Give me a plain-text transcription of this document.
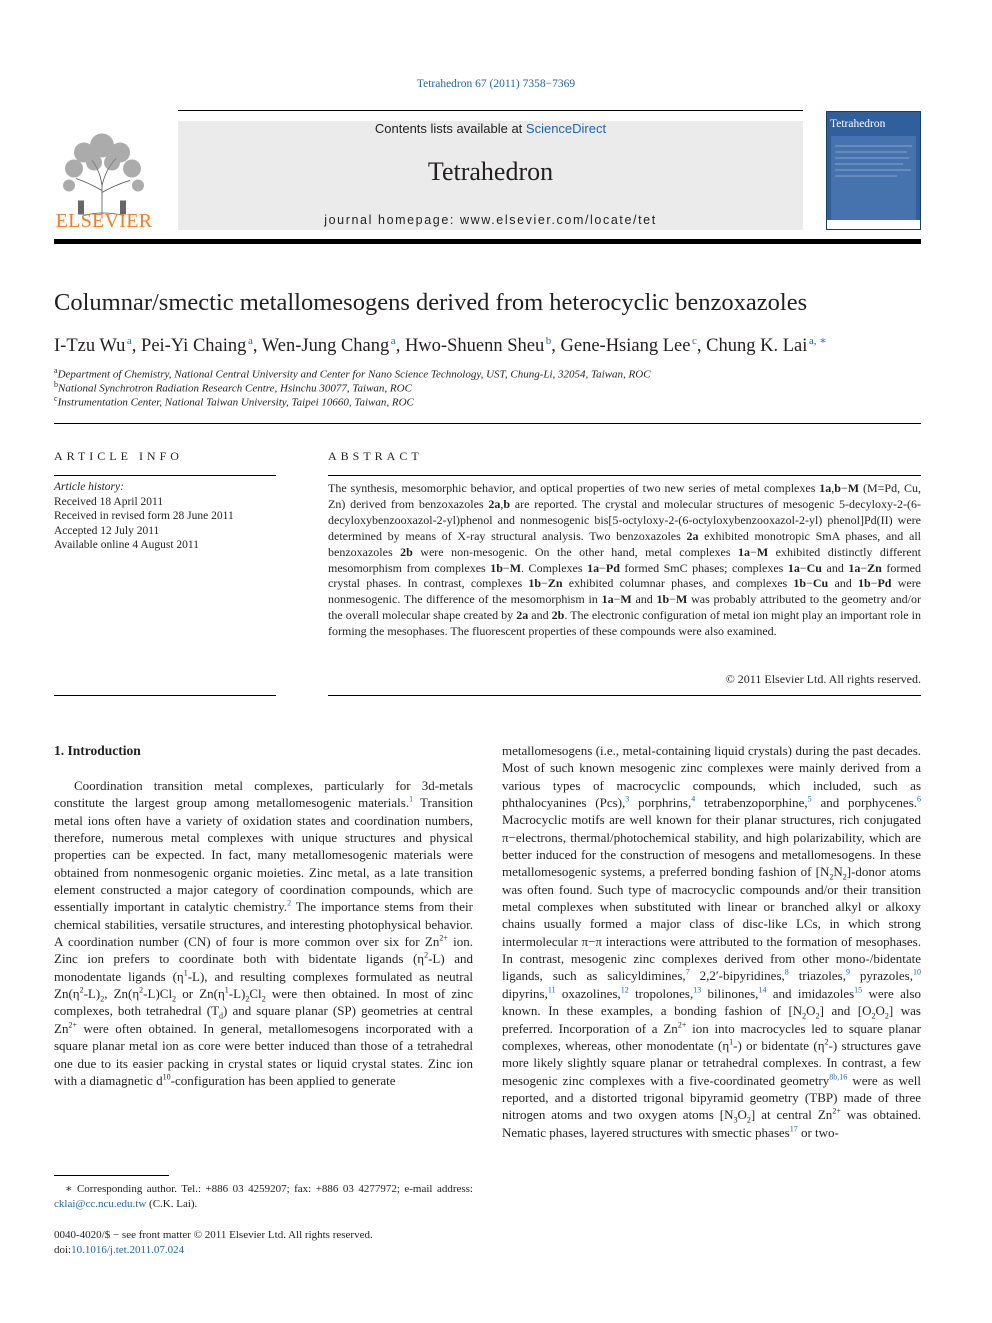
Tetrahedron 67 (2011) 7358−7369
ELSEVIER
Contents lists available at ScienceDirect
Tetrahedron
journal homepage: www.elsevier.com/locate/tet
Tetrahedron
Columnar/smectic metallomesogens derived from heterocyclic benzoxazoles
I-Tzu Wu  $^a$, Pei-Yi Chaing  $^a$, Wen-Jung Chang  $^a$, Hwo-Shuenn Sheu  $^b$, Gene-Hsiang Lee  $^c$, Chung K. Lai  $^{a, ∗}$
$^a$Department of Chemistry, National Central University and Center for Nano Science Technology, UST, Chung-Li, 32054, Taiwan, ROC
$^b$National Synchrotron Radiation Research Centre, Hsinchu 30077, Taiwan, ROC
$^c$Instrumentation Center, National Taiwan University, Taipei 10660, Taiwan, ROC
ARTICLE INFO
Article history:
Received 18 April 2011
Received in revised form 28 June 2011
Accepted 12 July 2011
Available online 4 August 2011
ABSTRACT
The synthesis, mesomorphic behavior, and optical properties of two new series of metal complexes 1a,b−M (M=Pd, Cu, Zn) derived from benzoxazoles 2a,b are reported. The crystal and molecular structures of mesogenic 5-decyloxy-2-(6-decyloxybenzooxazol-2-yl)phenol and nonmesogenic bis[5-octyloxy-2-(6-octyloxybenzooxazol-2-yl) phenol]Pd(II) were determined by means of X-ray structural analysis. Two benzoxazoles 2a exhibited monotropic SmA phases, and all benzoxazoles 2b were non-mesogenic. On the other hand, metal complexes 1a−M exhibited distinctly different mesomorphism from complexes 1b−M. Complexes 1a−Pd formed SmC phases; complexes 1a−Cu and 1a−Zn formed crystal phases. In contrast, complexes 1b−Zn exhibited columnar phases, and complexes 1b−Cu and 1b−Pd were nonmesogenic. The difference of the mesomorphism in 1a−M and 1b−M was probably attributed to the geometry and/or the overall molecular shape created by 2a and 2b. The electronic configuration of metal ion might play an important role in forming the mesophases. The fluorescent properties of these compounds were also examined.
© 2011 Elsevier Ltd. All rights reserved.
1. Introduction
Coordination transition metal complexes, particularly for 3d-metals constitute the largest group among metallomesogenic materials.$^1$ Transition metal ions often have a variety of oxidation states and coordination numbers, therefore, numerous metal complexes with unique structures and physical properties can be expected. In fact, many metallomesogenic materials were obtained from nonmesogenic organic moieties. Zinc metal, as a late transition element constructed a major category of coordination compounds, which are essentially important in catalytic chemistry.$^2$ The importance stems from their chemical stabilities, versatile structures, and interesting photophysical behavior. A coordination number (CN) of four is more common over six for $Zn^{2+}$ ion. Zinc ion prefers to coordinate both with bidentate ligands $(\eta^2-L)$ and monodentate ligands $(\eta^1-L)$, and resulting complexes formulated as neutral $Zn(\eta^2-L)_2$, $Zn(\eta^2-L)Cl_2$ or $Zn(\eta^1-L)_2Cl_2$ were then obtained. In most of zinc complexes, both tetrahedral $(T_d)$ and square planar (SP) geometries at central $Zn^{2+}$ were often obtained. In general, metallomesogens incorporated with a square planar metal ion as core were better induced than those of a tetrahedral one due to its easier packing in crystal states or liquid crystal states. Zinc ion with a diamagnetic $d^{10}$-configuration has been applied to generate
metallomesogens (i.e., metal-containing liquid crystals) during the past decades. Most of such known mesogenic zinc complexes were mainly derived from a various types of macrocyclic compounds, which included, such as phthalocyanines (Pcs),$^3$ porphrins,$^4$ tetrabenzoporphine,$^5$ and porphycenes.$^6$ Macrocyclic motifs are well known for their planar structures, rich conjugated π−electrons, thermal/photochemical stability, and high polarizability, which are better induced for the construction of mesogens and metallomesogens. In these metallomesogenic systems, a preferred bonding fashion of $[N_2N_2]$-donor atoms was often found. Such type of macrocyclic compounds and/or their transition metal complexes when substituted with linear or branched alkyl or alkoxy chains usually formed a major class of disc-like LCs, in which strong intermolecular π−π interactions were attributed to the formation of mesophases. In contrast, mesogenic zinc complexes derived from other mono-/bidentate ligands, such as salicyldimines,$^7$ 2,2′-bipyridines,$^8$ triazoles,$^9$ pyrazoles,$^{10}$ dipyrins,$^{11}$ oxazolines,$^{12}$ tropolones,$^{13}$ bilinones,$^{14}$ and imidazoles$^{15}$ were also known. In these examples, a bonding fashion of $[N_2O_2]$ and $[O_2O_2]$ was preferred. Incorporation of a $Zn^{2+}$ ion into macrocycles led to square planar complexes, whereas, other monodentate $(\eta^1-)$ or bidentate $(\eta^2-)$ structures gave more likely slightly square planar or tetrahedral complexes. In contrast, a few mesogenic zinc complexes with a five-coordinated geometry$^{8b,16}$ were as well reported, and a distorted trigonal bipyramid geometry (TBP) made of three nitrogen atoms and two oxygen atoms $[N_3O_2]$ at central $Zn^{2+}$ was obtained. Nematic phases, layered structures with smectic phases$^{17}$ or two-
 ∗ Corresponding author. Tel.: +886 03 4259207; fax: +886 03 4277972; e-mail address: cklai@cc.ncu.edu.tw (C.K. Lai).
0040-4020/$ − see front matter © 2011 Elsevier Ltd. All rights reserved.
doi:10.1016/j.tet.2011.07.024
